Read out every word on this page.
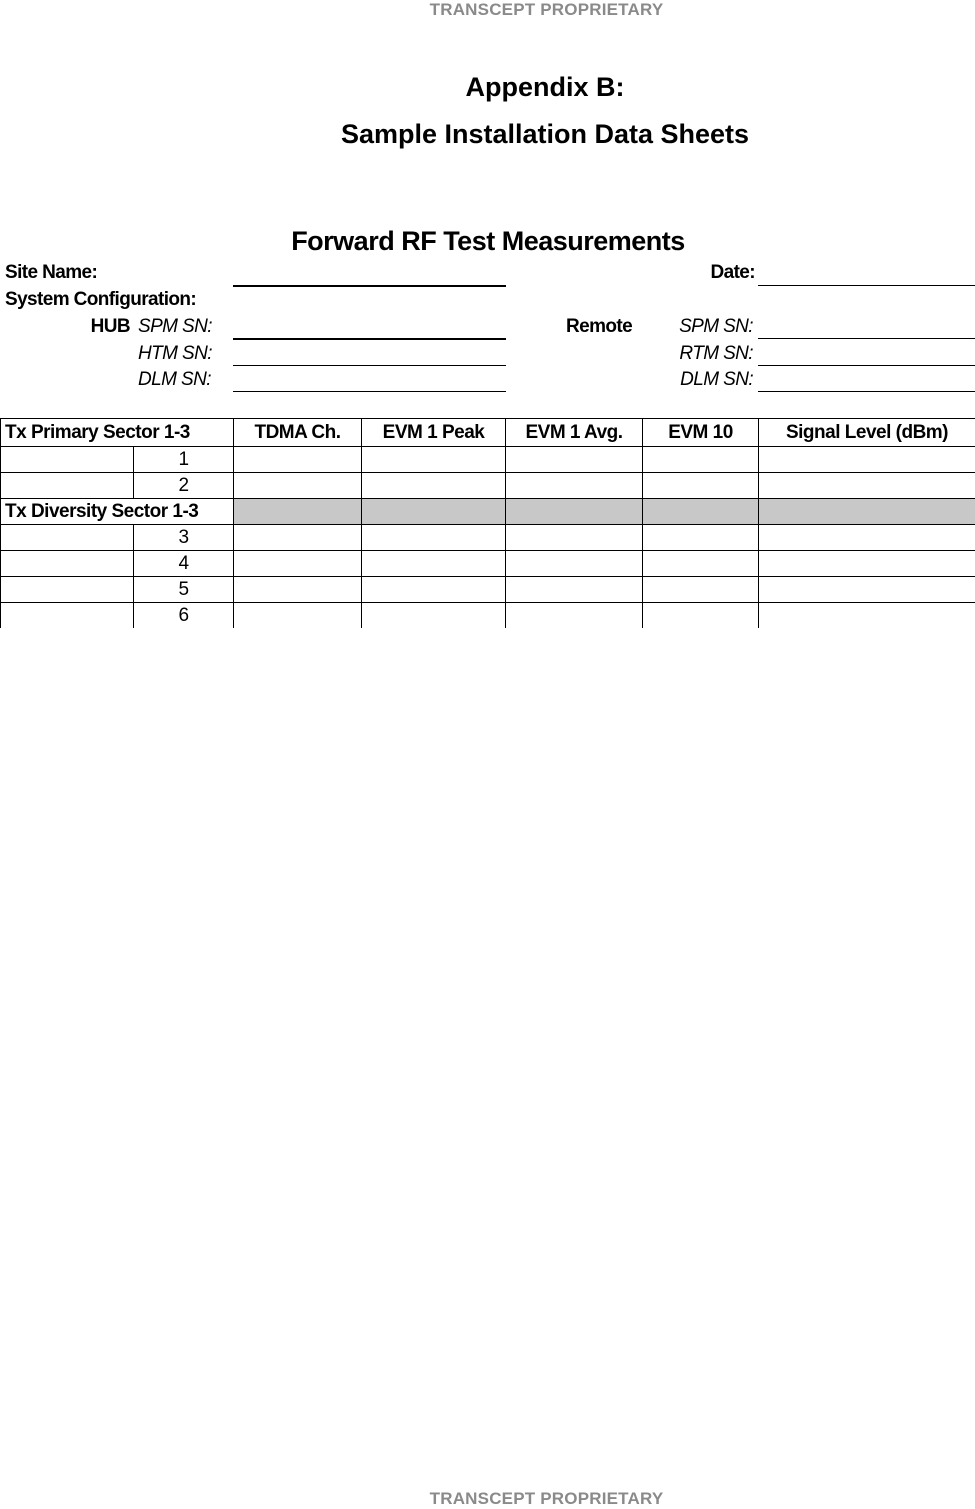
TRANSCEPT PROPRIETARY
Appendix B:
Sample Installation Data Sheets
Forward RF Test Measurements
Site Name:	Date:
System Configuration:
HUB SPM SN:	Remote	SPM SN:
HTM SN:	RTM SN:
DLM SN:	DLM SN:
Tx Primary Sector 1-3		TDMA Ch.	EVM 1 Peak	EVM 1 Avg.	EVM 10	Signal Level (dBm)
	1					
	2					
Tx Diversity Sector 1-3						
	3					
	4					
	5					
	6					
TRANSCEPT PROPRIETARY
